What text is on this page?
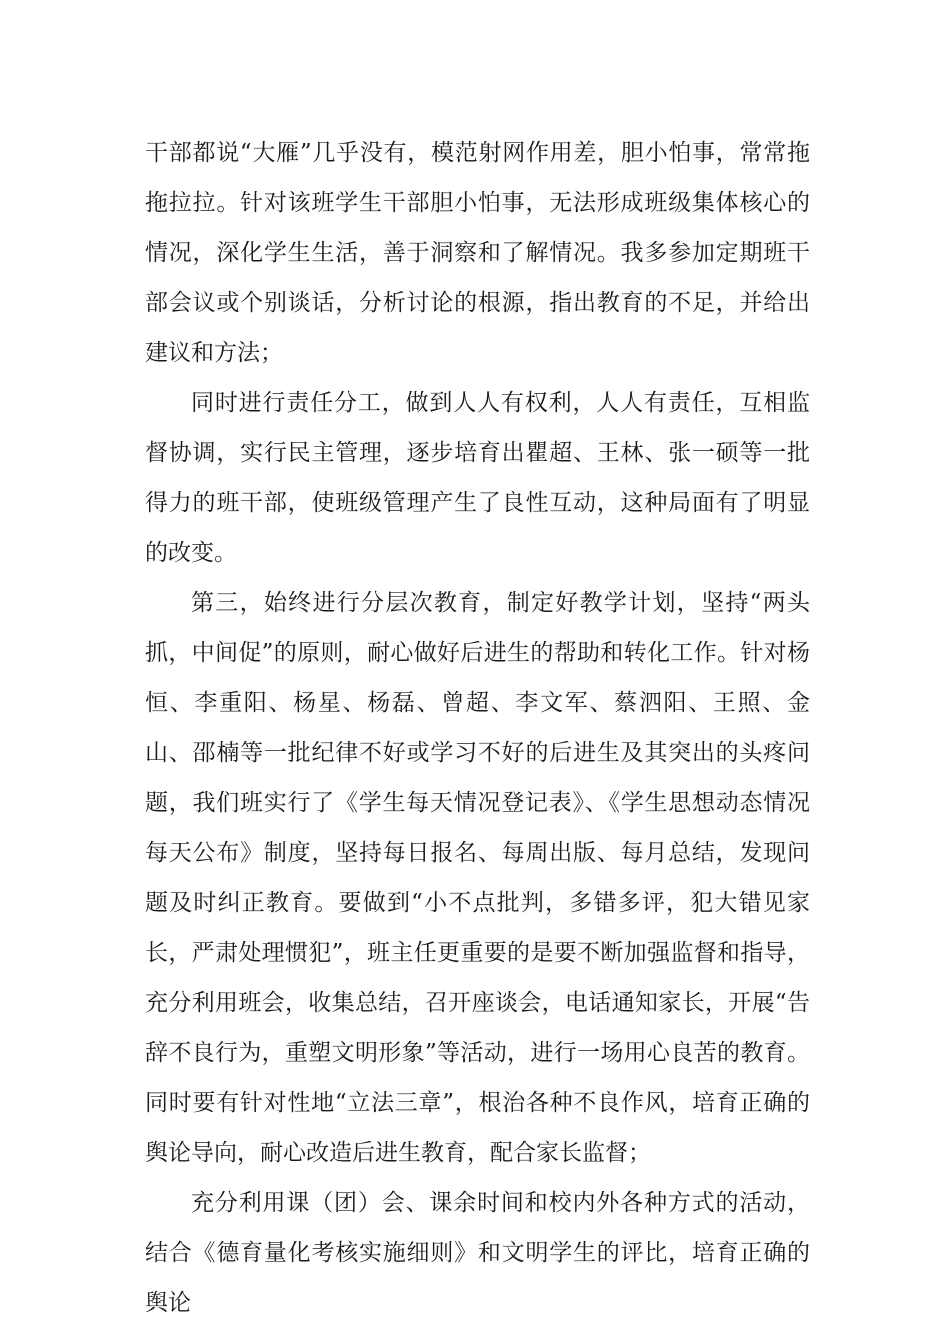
干部都说“大雁”几乎没有，模范射网作用差，胆小怕事，常常拖拖拉拉。针对该班学生干部胆小怕事，无法形成班级集体核心的情况，深化学生生活，善于洞察和了解情况。我多参加定期班干部会议或个别谈话，分析讨论的根源，指出教育的不足，并给出建议和方法；

同时进行责任分工，做到人人有权利，人人有责任，互相监督协调，实行民主管理，逐步培育出瞿超、王林、张一硕等一批得力的班干部，使班级管理产生了良性互动，这种局面有了明显的改变。

第三，始终进行分层次教育，制定好教学计划，坚持“两头抓，中间促”的原则，耐心做好后进生的帮助和转化工作。针对杨恒、李重阳、杨星、杨磊、曾超、李文军、蔡泗阳、王照、金山、邵楠等一批纪律不好或学习不好的后进生及其突出的头疼问题，我们班实行了《学生每天情况登记表》、《学生思想动态情况每天公布》制度，坚持每日报名、每周出版、每月总结，发现问题及时纠正教育。要做到“小不点批判，多错多评，犯大错见家长，严肃处理惯犯”，班主任更重要的是要不断加强监督和指导，充分利用班会，收集总结，召开座谈会，电话通知家长，开展“告辞不良行为，重塑文明形象”等活动，进行一场用心良苦的教育。同时要有针对性地“立法三章”，根治各种不良作风，培育正确的舆论导向，耐心改造后进生教育，配合家长监督；

充分利用课（团）会、课余时间和校内外各种方式的活动，结合《德育量化考核实施细则》和文明学生的评比，培育正确的舆论
